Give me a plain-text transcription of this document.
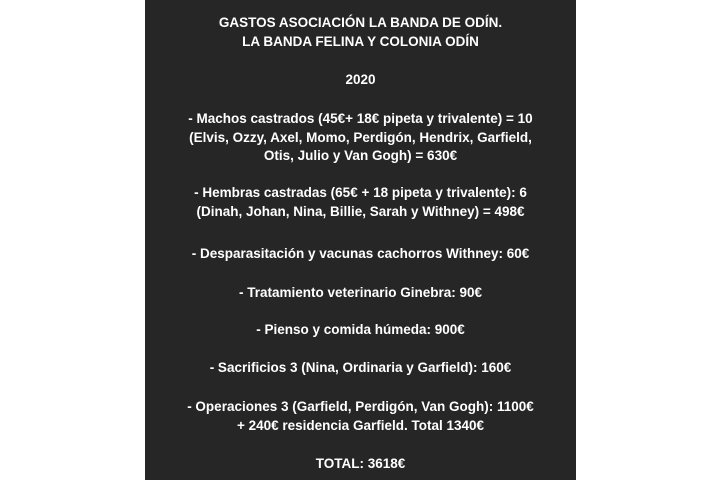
GASTOS ASOCIACIÓN LA BANDA DE ODÍN.
LA BANDA FELINA Y COLONIA ODÍN
2020
- Machos castrados (45€+ 18€ pipeta y trivalente) = 10
(Elvis, Ozzy, Axel, Momo, Perdigón, Hendrix, Garfield,
Otis, Julio y Van Gogh) = 630€
- Hembras castradas (65€ + 18 pipeta y trivalente): 6
(Dinah, Johan, Nina, Billie, Sarah y Withney) = 498€
- Desparasitación y vacunas cachorros Withney: 60€
- Tratamiento veterinario Ginebra: 90€
- Pienso y comida húmeda: 900€
- Sacrificios 3 (Nina, Ordinaria y Garfield): 160€
- Operaciones 3 (Garfield, Perdigón, Van Gogh): 1100€
+ 240€ residencia Garfield. Total 1340€
TOTAL: 3618€
